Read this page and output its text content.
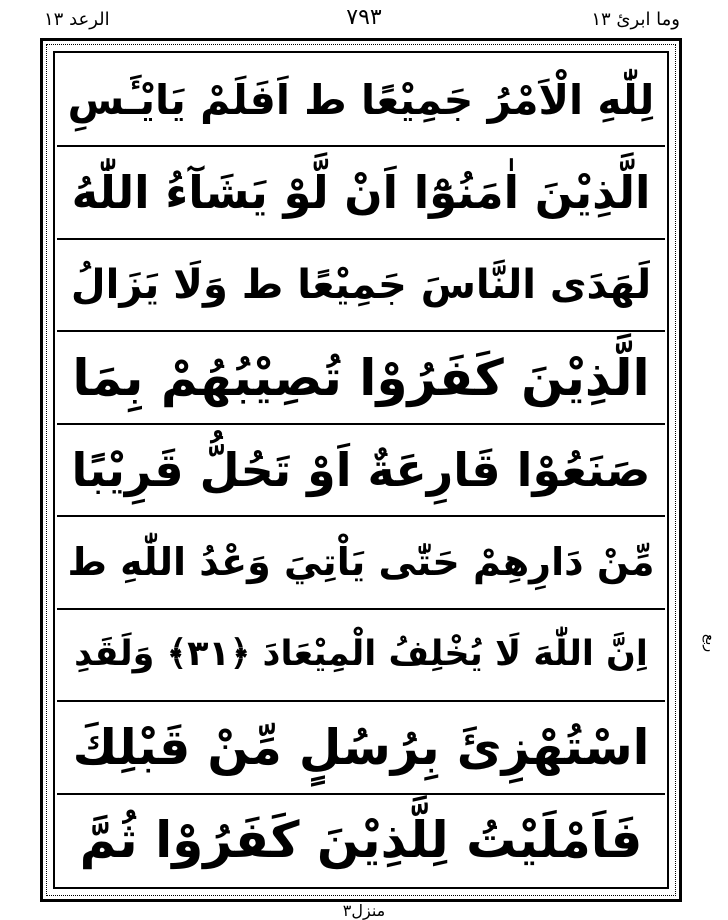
وما ابرئ ١٣
٧٩٣
الرعد ١٣
لِلّٰهِ الْاَمْرُ جَمِيْعًا ط اَفَلَمْ يَايْـَٔسِ
الَّذِيْنَ اٰمَنُوْٓا اَنْ لَّوْ يَشَآءُ اللّٰهُ
لَهَدَى النَّاسَ جَمِيْعًا ط وَلَا يَزَالُ
الَّذِيْنَ كَفَرُوْا تُصِيْبُهُمْ بِمَا
صَنَعُوْا قَارِعَةٌ اَوْ تَحُلُّ قَرِيْبًا
مِّنْ دَارِهِمْ حَتّٰى يَاْتِيَ وَعْدُ اللّٰهِ ط
اِنَّ اللّٰهَ لَا يُخْلِفُ الْمِيْعَادَ ﴿٣١﴾ وَلَقَدِ
اسْتُهْزِئَ بِرُسُلٍ مِّنْ قَبْلِكَ
فَاَمْلَيْتُ لِلَّذِيْنَ كَفَرُوْا ثُمَّ
ربع
منزل٣
